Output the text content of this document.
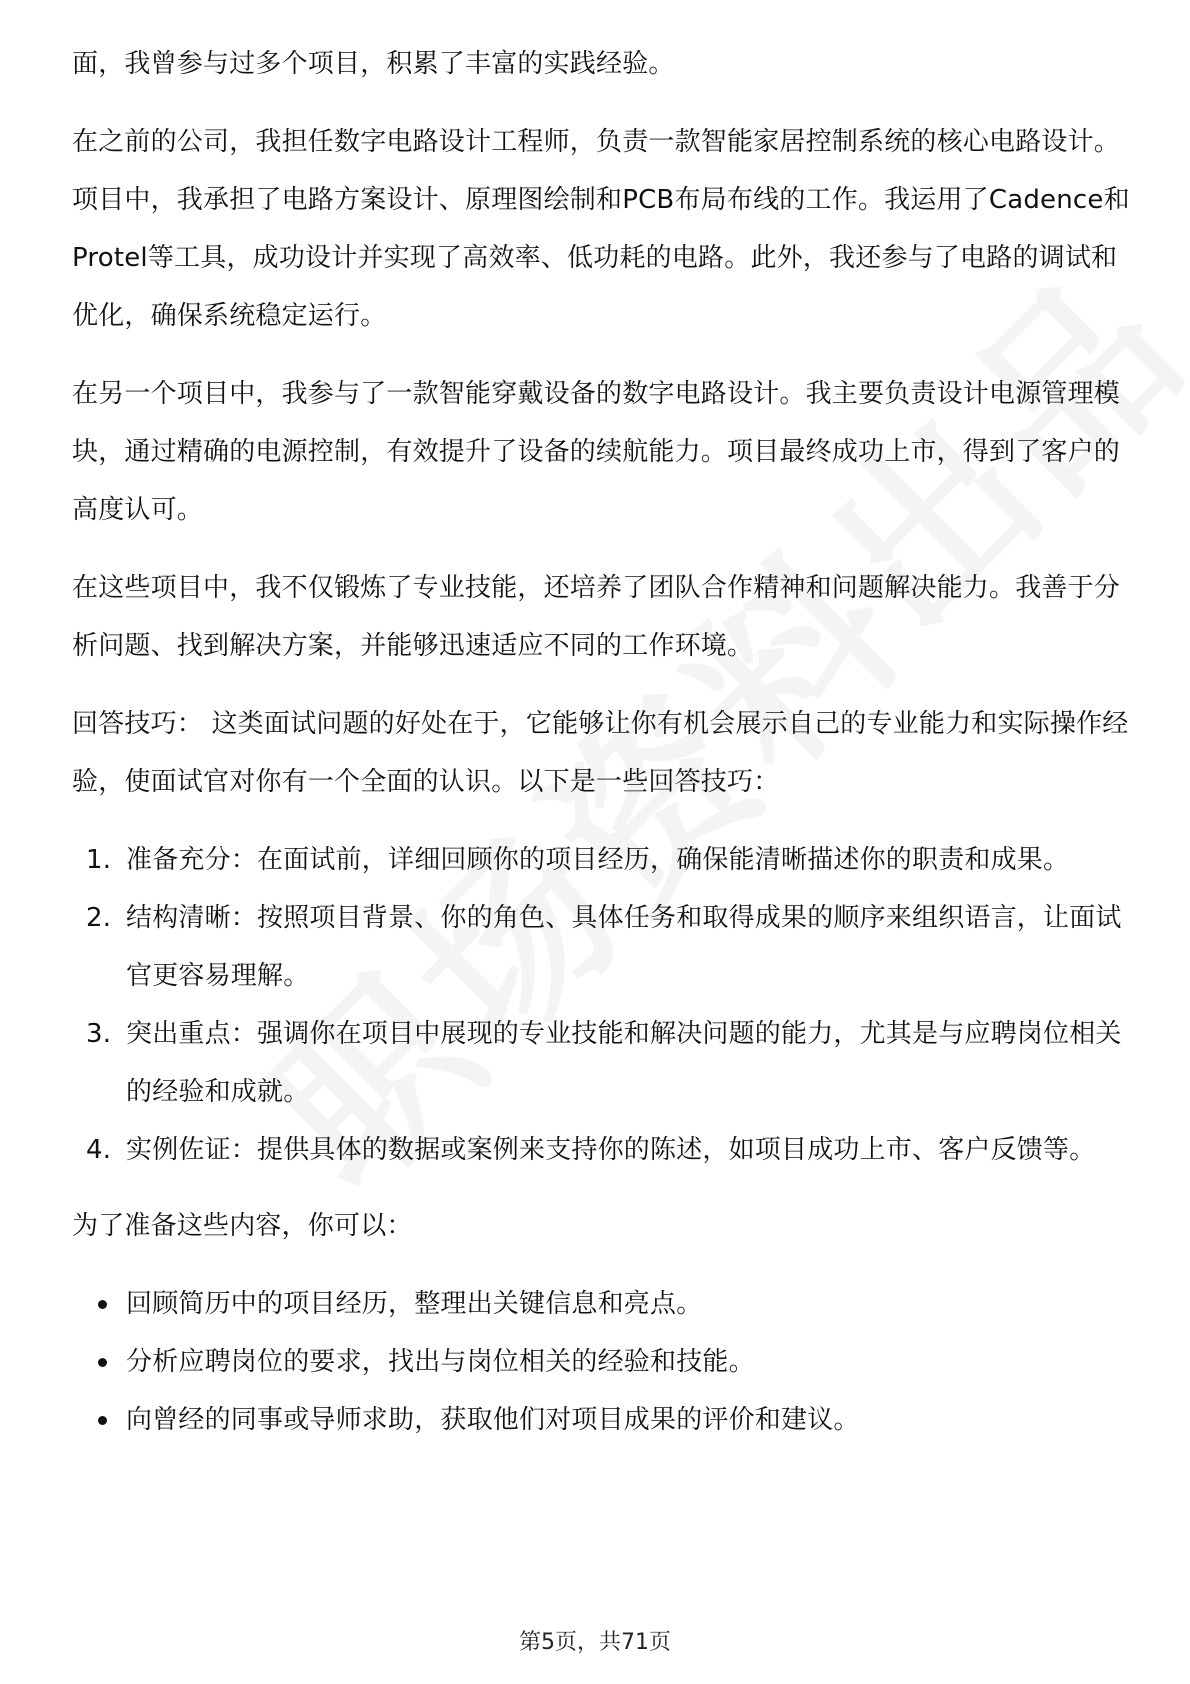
面，我曾参与过多个项目，积累了丰富的实践经验。

在之前的公司，我担任数字电路设计工程师，负责一款智能家居控制系统的核心电路设计。项目中，我承担了电路方案设计、原理图绘制和PCB布局布线的工作。我运用了Cadence和Protel等工具，成功设计并实现了高效率、低功耗的电路。此外，我还参与了电路的调试和优化，确保系统稳定运行。

在另一个项目中，我参与了一款智能穿戴设备的数字电路设计。我主要负责设计电源管理模块，通过精确的电源控制，有效提升了设备的续航能力。项目最终成功上市，得到了客户的高度认可。

在这些项目中，我不仅锻炼了专业技能，还培养了团队合作精神和问题解决能力。我善于分析问题、找到解决方案，并能够迅速适应不同的工作环境。

回答技巧： 这类面试问题的好处在于，它能够让你有机会展示自己的专业能力和实际操作经验，使面试官对你有一个全面的认识。以下是一些回答技巧：

1. 准备充分：在面试前，详细回顾你的项目经历，确保能清晰描述你的职责和成果。
2. 结构清晰：按照项目背景、你的角色、具体任务和取得成果的顺序来组织语言，让面试官更容易理解。
3. 突出重点：强调你在项目中展现的专业技能和解决问题的能力，尤其是与应聘岗位相关的经验和成就。
4. 实例佐证：提供具体的数据或案例来支持你的陈述，如项目成功上市、客户反馈等。

为了准备这些内容，你可以：

回顾简历中的项目经历，整理出关键信息和亮点。
分析应聘岗位的要求，找出与岗位相关的经验和技能。
向曾经的同事或导师求助，获取他们对项目成果的评价和建议。
第5页，共71页
